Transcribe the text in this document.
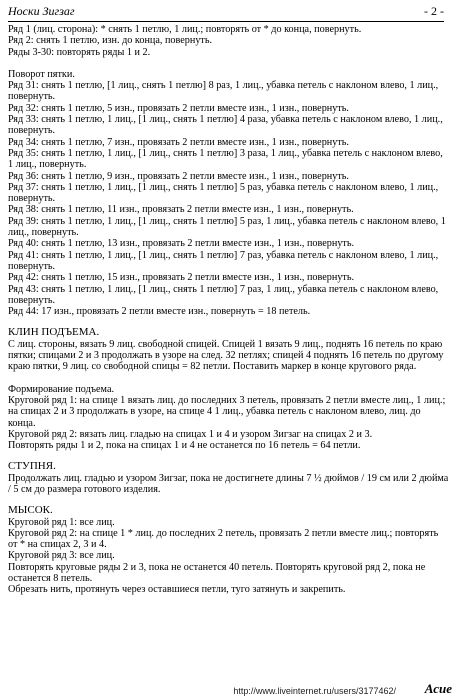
Носки Зигзаг	- 2 -

Ряд 1 (лиц. сторона): * снять 1 петлю, 1 лиц.; повторять от * до конца, повернуть.

Ряд 2: снять 1 петлю, изн. до конца, повернуть.

Ряды 3-30: повторять ряды 1 и 2.

Поворот пятки.

Ряд 31: снять 1 петлю, [1 лиц., снять 1 петлю] 8 раз, 1 лиц., убавка петель с наклоном влево, 1 лиц., повернуть.

Ряд 32: снять 1 петлю, 5 изн., провязать 2 петли вместе изн., 1 изн., повернуть.

Ряд 33: снять 1 петлю, 1 лиц., [1 лиц., снять 1 петлю] 4 раза, убавка петель с наклоном влево, 1 лиц., повернуть.

Ряд 34: снять 1 петлю, 7 изн., провязать 2 петли вместе изн., 1 изн., повернуть.

Ряд 35: снять 1 петлю, 1 лиц., [1 лиц., снять 1 петлю] 3 раза, 1 лиц., убавка петель с наклоном влево, 1 лиц., повернуть.

Ряд 36: снять 1 петлю, 9 изн., провязать 2 петли вместе изн., 1 изн., повернуть.

Ряд 37: снять 1 петлю, 1 лиц., [1 лиц., снять 1 петлю] 5 раз, убавка петель с наклоном влево, 1 лиц., повернуть.

Ряд 38: снять 1 петлю, 11 изн., провязать 2 петли вместе изн., 1 изн., повернуть.

Ряд 39: снять 1 петлю, 1 лиц., [1 лиц., снять 1 петлю] 5 раз, 1 лиц., убавка петель с наклоном влево, 1 лиц., повернуть.

Ряд 40: снять 1 петлю, 13 изн., провязать 2 петли вместе изн., 1 изн., повернуть.

Ряд 41: снять 1 петлю, 1 лиц., [1 лиц., снять 1 петлю] 7 раз, убавка петель с наклоном влево, 1 лиц., повернуть.

Ряд 42: снять 1 петлю, 15 изн., провязать 2 петли вместе изн., 1 изн., повернуть.

Ряд 43: снять 1 петлю, 1 лиц., [1 лиц., снять 1 петлю] 7 раз, 1 лиц., убавка петель с наклоном влево, повернуть.

Ряд 44: 17 изн., провязать 2 петли вместе изн., повернуть = 18 петель.

КЛИН ПОДЪЕМА.

С лиц. стороны, вязать 9 лиц. свободной спицей. Спицей 1 вязать 9 лиц., поднять 16 петель по краю пятки; спицами 2 и 3 продолжать в узоре на след. 32 петлях; спицей 4 поднять 16 петель по другому краю пятки, 9 лиц. со свободной спицы = 82 петли. Поставить маркер в конце кругового ряда.

Формирование подъема.

Круговой ряд 1: на спице 1 вязать лиц. до последних 3 петель, провязать 2 петли вместе лиц., 1 лиц.; на спицах 2 и 3 продолжать в узоре, на спице 4 1 лиц., убавка петель с наклоном влево, лиц. до конца.

Круговой ряд 2: вязать лиц. гладью на спицах 1 и 4 и узором Зигзаг на спицах 2 и 3.

Повторять ряды 1 и 2, пока на спицах 1 и 4 не останется по 16 петель = 64 петли.

СТУПНЯ.

Продолжать лиц. гладью и узором Зигзаг, пока не достигнете длины 7 ½ дюймов / 19 см или 2 дюйма / 5 см до размера готового изделия.

МЫСОК.

Круговой ряд 1: все лиц.

Круговой ряд 2: на спице 1 * лиц. до последних 2 петель, провязать 2 петли вместе лиц.; повторять от * на спицах 2, 3 и 4.

Круговой ряд 3: все лиц.

Повторять круговые ряды 2 и 3, пока не останется 40 петель. Повторять круговой ряд 2, пока не останется 8 петель.

Обрезать нить, протянуть через оставшиеся петли, туго затянуть и закрепить.

http://www.liveinternet.ru/users/3177462/ Асие
